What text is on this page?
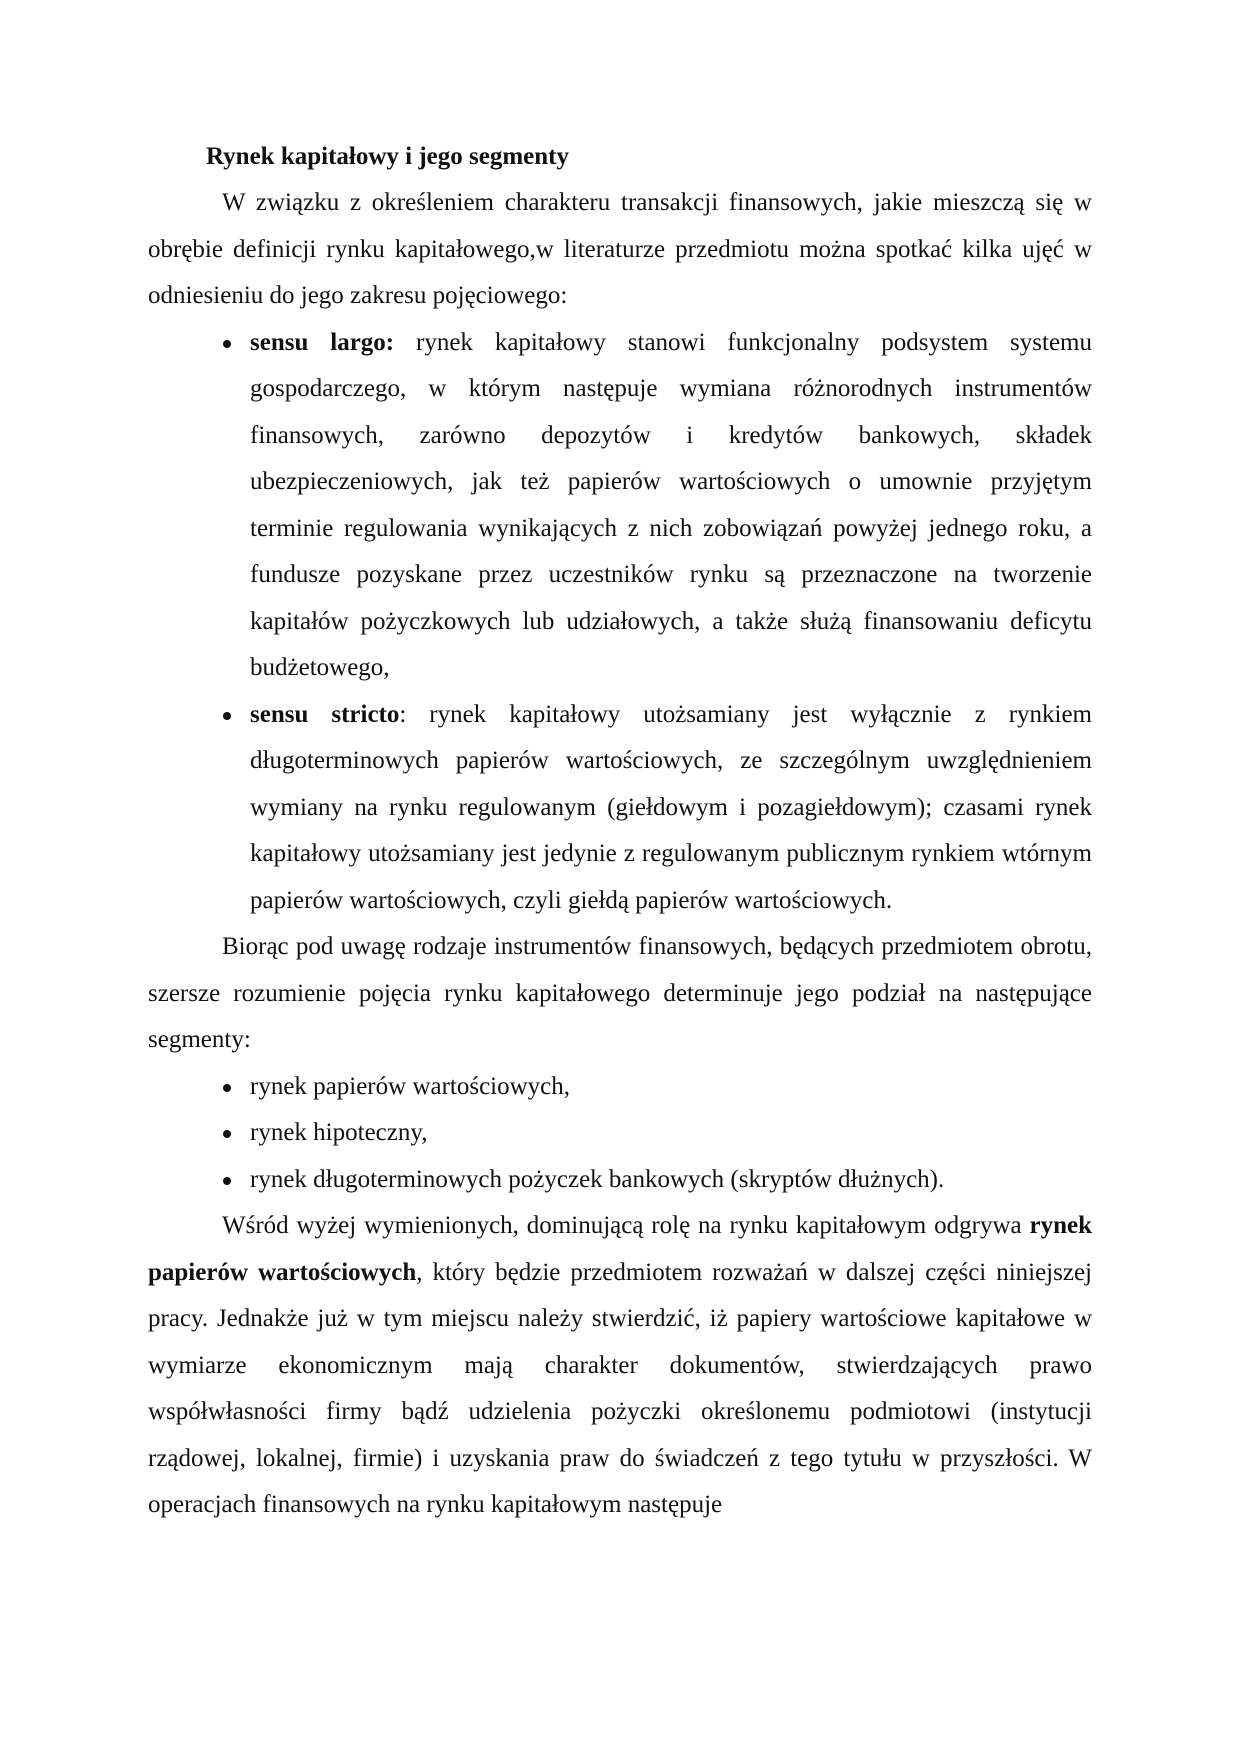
Rynek kapitałowy i jego segmenty

W związku z określeniem charakteru transakcji finansowych, jakie mieszczą się w obrębie definicji rynku kapitałowego,w literaturze przedmiotu można spotkać kilka ujęć w odniesieniu do jego zakresu pojęciowego:

sensu largo: rynek kapitałowy stanowi funkcjonalny podsystem systemu gospodarczego, w którym następuje wymiana różnorodnych instrumentów finansowych, zarówno depozytów i kredytów bankowych, składek ubezpieczeniowych, jak też papierów wartościowych o umownie przyjętym terminie regulowania wynikających z nich zobowiązań powyżej jednego roku, a fundusze pozyskane przez uczestników rynku są przeznaczone na tworzenie kapitałów pożyczkowych lub udziałowych, a także służą finansowaniu deficytu budżetowego,
sensu stricto: rynek kapitałowy utożsamiany jest wyłącznie z rynkiem długoterminowych papierów wartościowych, ze szczególnym uwzględnieniem wymiany na rynku regulowanym (giełdowym i pozagiełdowym); czasami rynek kapitałowy utożsamiany jest jedynie z regulowanym publicznym rynkiem wtórnym papierów wartościowych, czyli giełdą papierów wartościowych.

Biorąc pod uwagę rodzaje instrumentów finansowych, będących przedmiotem obrotu, szersze rozumienie pojęcia rynku kapitałowego determinuje jego podział na następujące segmenty:

rynek papierów wartościowych,
rynek hipoteczny,
rynek długoterminowych pożyczek bankowych (skryptów dłużnych).

Wśród wyżej wymienionych, dominującą rolę na rynku kapitałowym odgrywa rynek papierów wartościowych, który będzie przedmiotem rozważań w dalszej części niniejszej pracy. Jednakże już w tym miejscu należy stwierdzić, iż papiery wartościowe kapitałowe w wymiarze ekonomicznym mają charakter dokumentów, stwierdzających prawo współwłasności firmy bądź udzielenia pożyczki określonemu podmiotowi (instytucji rządowej, lokalnej, firmie) i uzyskania praw do świadczeń z tego tytułu w przyszłości. W operacjach finansowych na rynku kapitałowym następuje
